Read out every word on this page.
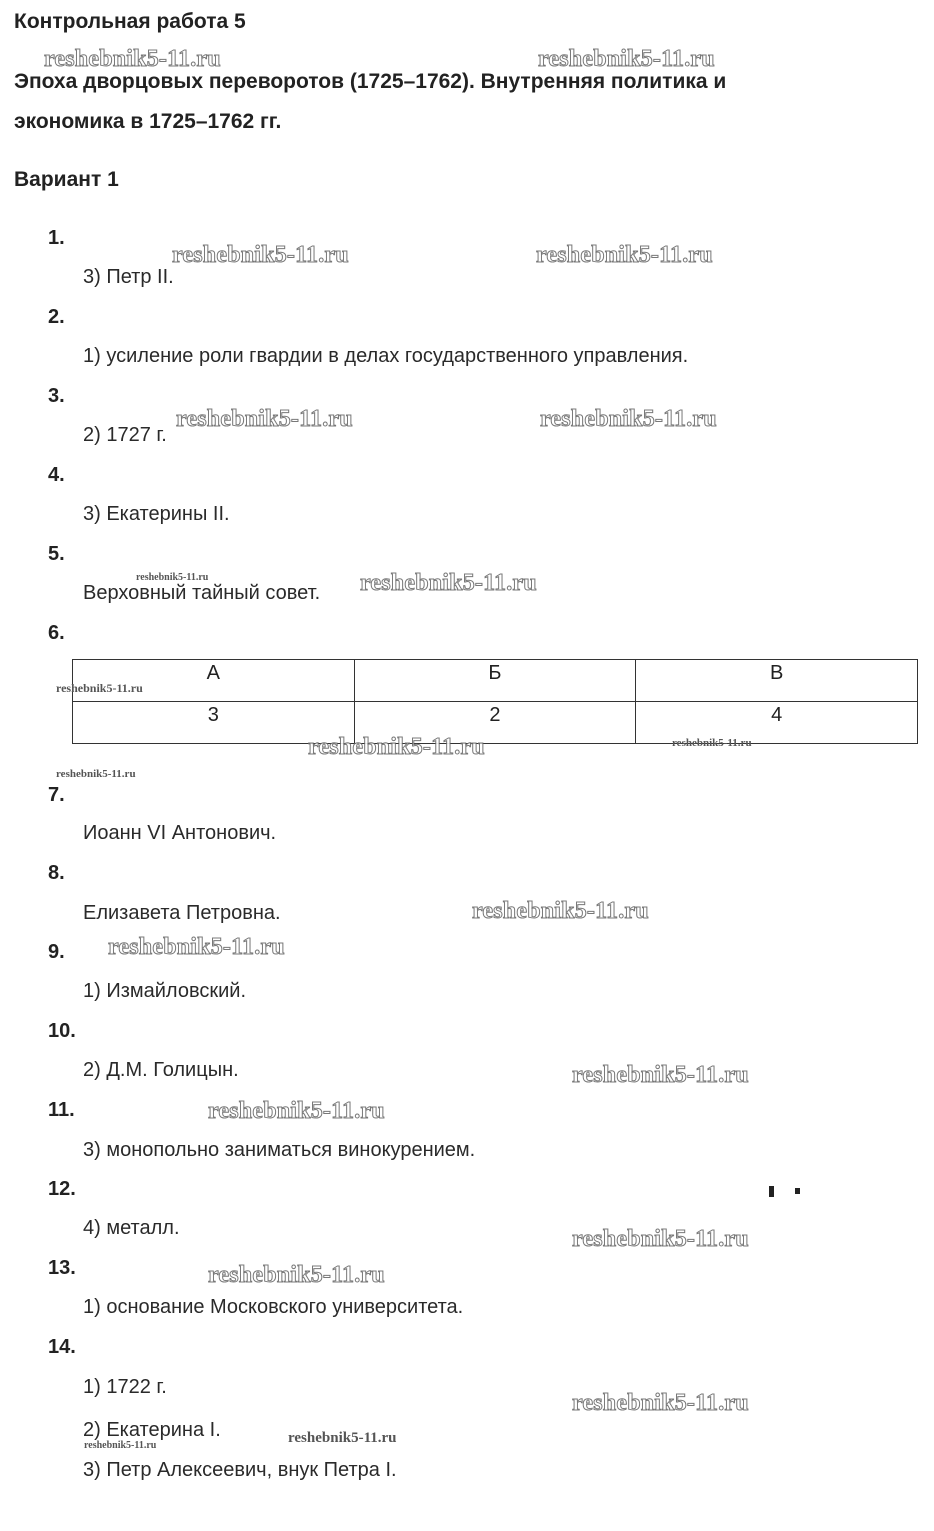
Контрольная работа 5
Эпоха дворцовых переворотов (1725–1762). Внутренняя политика и
экономика в 1725–1762 гг.
Вариант 1
1.
2.
3.
4.
5.
6.
7.
8.
9.
10.
11.
12.
13.
14.
3) Петр II.
1) усиление роли гвардии в делах государственного управления.
2) 1727 г.
3) Екатерины II.
Верховный тайный совет.
Иоанн VI Антонович.
Елизавета Петровна.
1) Измайловский.
2) Д.М. Голицын.
3) монопольно заниматься винокурением.
4) металл.
1) основание Московского университета.
1) 1722 г.
2) Екатерина I.
3) Петр Алексеевич, внук Петра I.
А	Б	В
3	2	4
reshebnik5-11.ru	reshebnik5-11.ru
reshebnik5-11.ru	reshebnik5-11.ru
reshebnik5-11.ru	reshebnik5-11.ru
reshebnik5-11.ru
reshebnik5-11.ru
reshebnik5-11.ru
reshebnik5-11.ru
reshebnik5-11.ru
reshebnik5-11.ru
reshebnik5-11.ru
reshebnik5-11.ru
reshebnik5-11.ru
reshebnik5-11.ru
reshebnik5-11.ru
reshebnik5-11.ru
reshebnik5-11.ru
reshebnik5-11.ru
reshebnik5-11.ru
